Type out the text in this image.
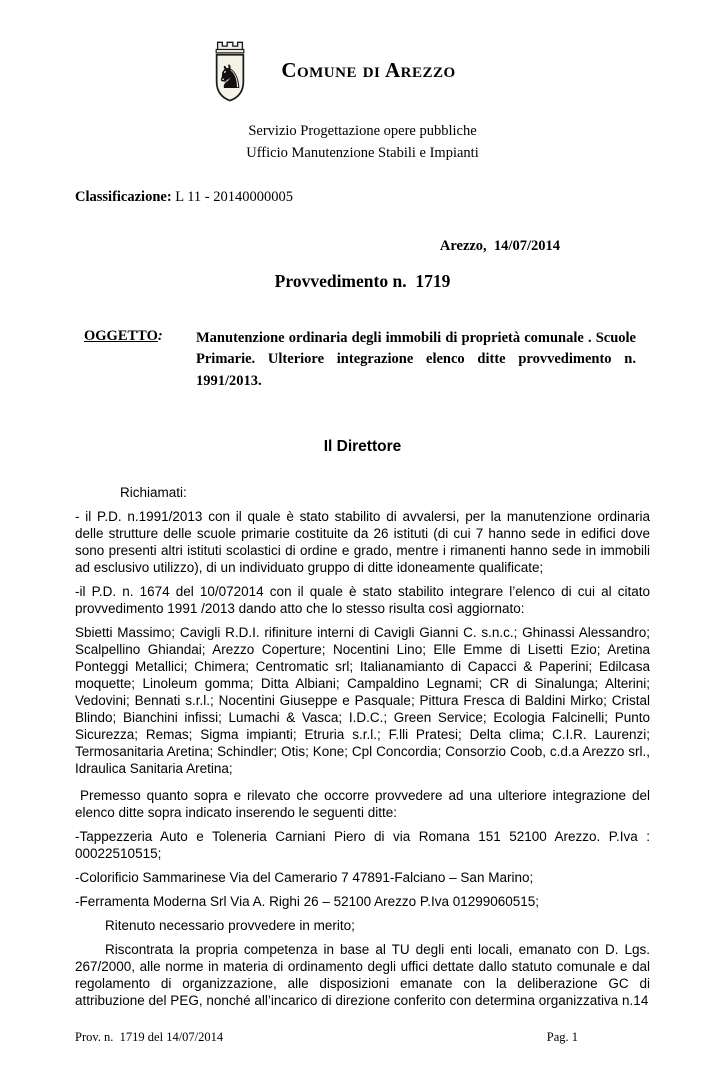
♞ Comune di Arezzo
Servizio Progettazione opere pubbliche
Ufficio Manutenzione Stabili e Impianti
Classificazione: L 11 - 20140000005
Arezzo,  14/07/2014
Provvedimento n.  1719
OGGETTO:	Manutenzione ordinaria degli immobili di proprietà comunale . Scuole Primarie. Ulteriore integrazione elenco ditte provvedimento n. 1991/2013.
Il Direttore
Richiamati:
- il P.D. n.1991/2013 con il quale è stato stabilito di avvalersi, per la manutenzione ordinaria delle strutture delle scuole primarie costituite da 26 istituti (di cui 7 hanno sede in edifici dove sono presenti altri istituti scolastici di ordine e grado, mentre i rimanenti hanno sede in immobili ad esclusivo utilizzo), di un individuato gruppo di ditte idoneamente qualificate;
-il P.D. n. 1674 del 10/072014 con il quale è stato stabilito integrare l’elenco di cui al citato provvedimento 1991 /2013 dando atto che lo stesso risulta così aggiornato:
Sbietti Massimo; Cavigli R.D.I. rifiniture interni di Cavigli Gianni C. s.n.c.; Ghinassi Alessandro; Scalpellino Ghiandai; Arezzo Coperture; Nocentini Lino; Elle Emme di Lisetti Ezio; Aretina Ponteggi Metallici; Chimera; Centromatic srl; Italianamianto di Capacci & Paperini; Edilcasa moquette; Linoleum gomma; Ditta Albiani; Campaldino Legnami; CR di Sinalunga; Alterini; Vedovini; Bennati s.r.l.; Nocentini Giuseppe e Pasquale; Pittura Fresca di Baldini Mirko; Cristal Blindo; Bianchini infissi; Lumachi & Vasca; I.D.C.; Green Service; Ecologia Falcinelli; Punto Sicurezza; Remas; Sigma impianti; Etruria s.r.l.; F.lli Pratesi; Delta clima; C.I.R. Laurenzi; Termosanitaria Aretina; Schindler; Otis; Kone; Cpl Concordia; Consorzio Coob, c.d.a Arezzo srl., Idraulica Sanitaria Aretina;
Premesso quanto sopra e rilevato che occorre provvedere ad una ulteriore integrazione del elenco ditte sopra indicato inserendo le seguenti ditte:
-Tappezzeria Auto e Toleneria Carniani Piero di via Romana 151 52100 Arezzo. P.Iva : 00022510515;
-Colorificio Sammarinese Via del Camerario 7 47891-Falciano – San Marino;
-Ferramenta Moderna Srl Via A. Righi 26 – 52100 Arezzo P.Iva 01299060515;
Ritenuto necessario provvedere in merito;
Riscontrata la propria competenza in base al TU degli enti locali, emanato con D. Lgs. 267/2000, alle norme in materia di ordinamento degli uffici dettate dallo statuto comunale e dal regolamento di organizzazione, alle disposizioni emanate con la deliberazione GC di attribuzione del PEG, nonché all’incarico di direzione conferito con determina organizzativa n.14
Prov. n.  1719 del 14/07/2014	Pag. 1
